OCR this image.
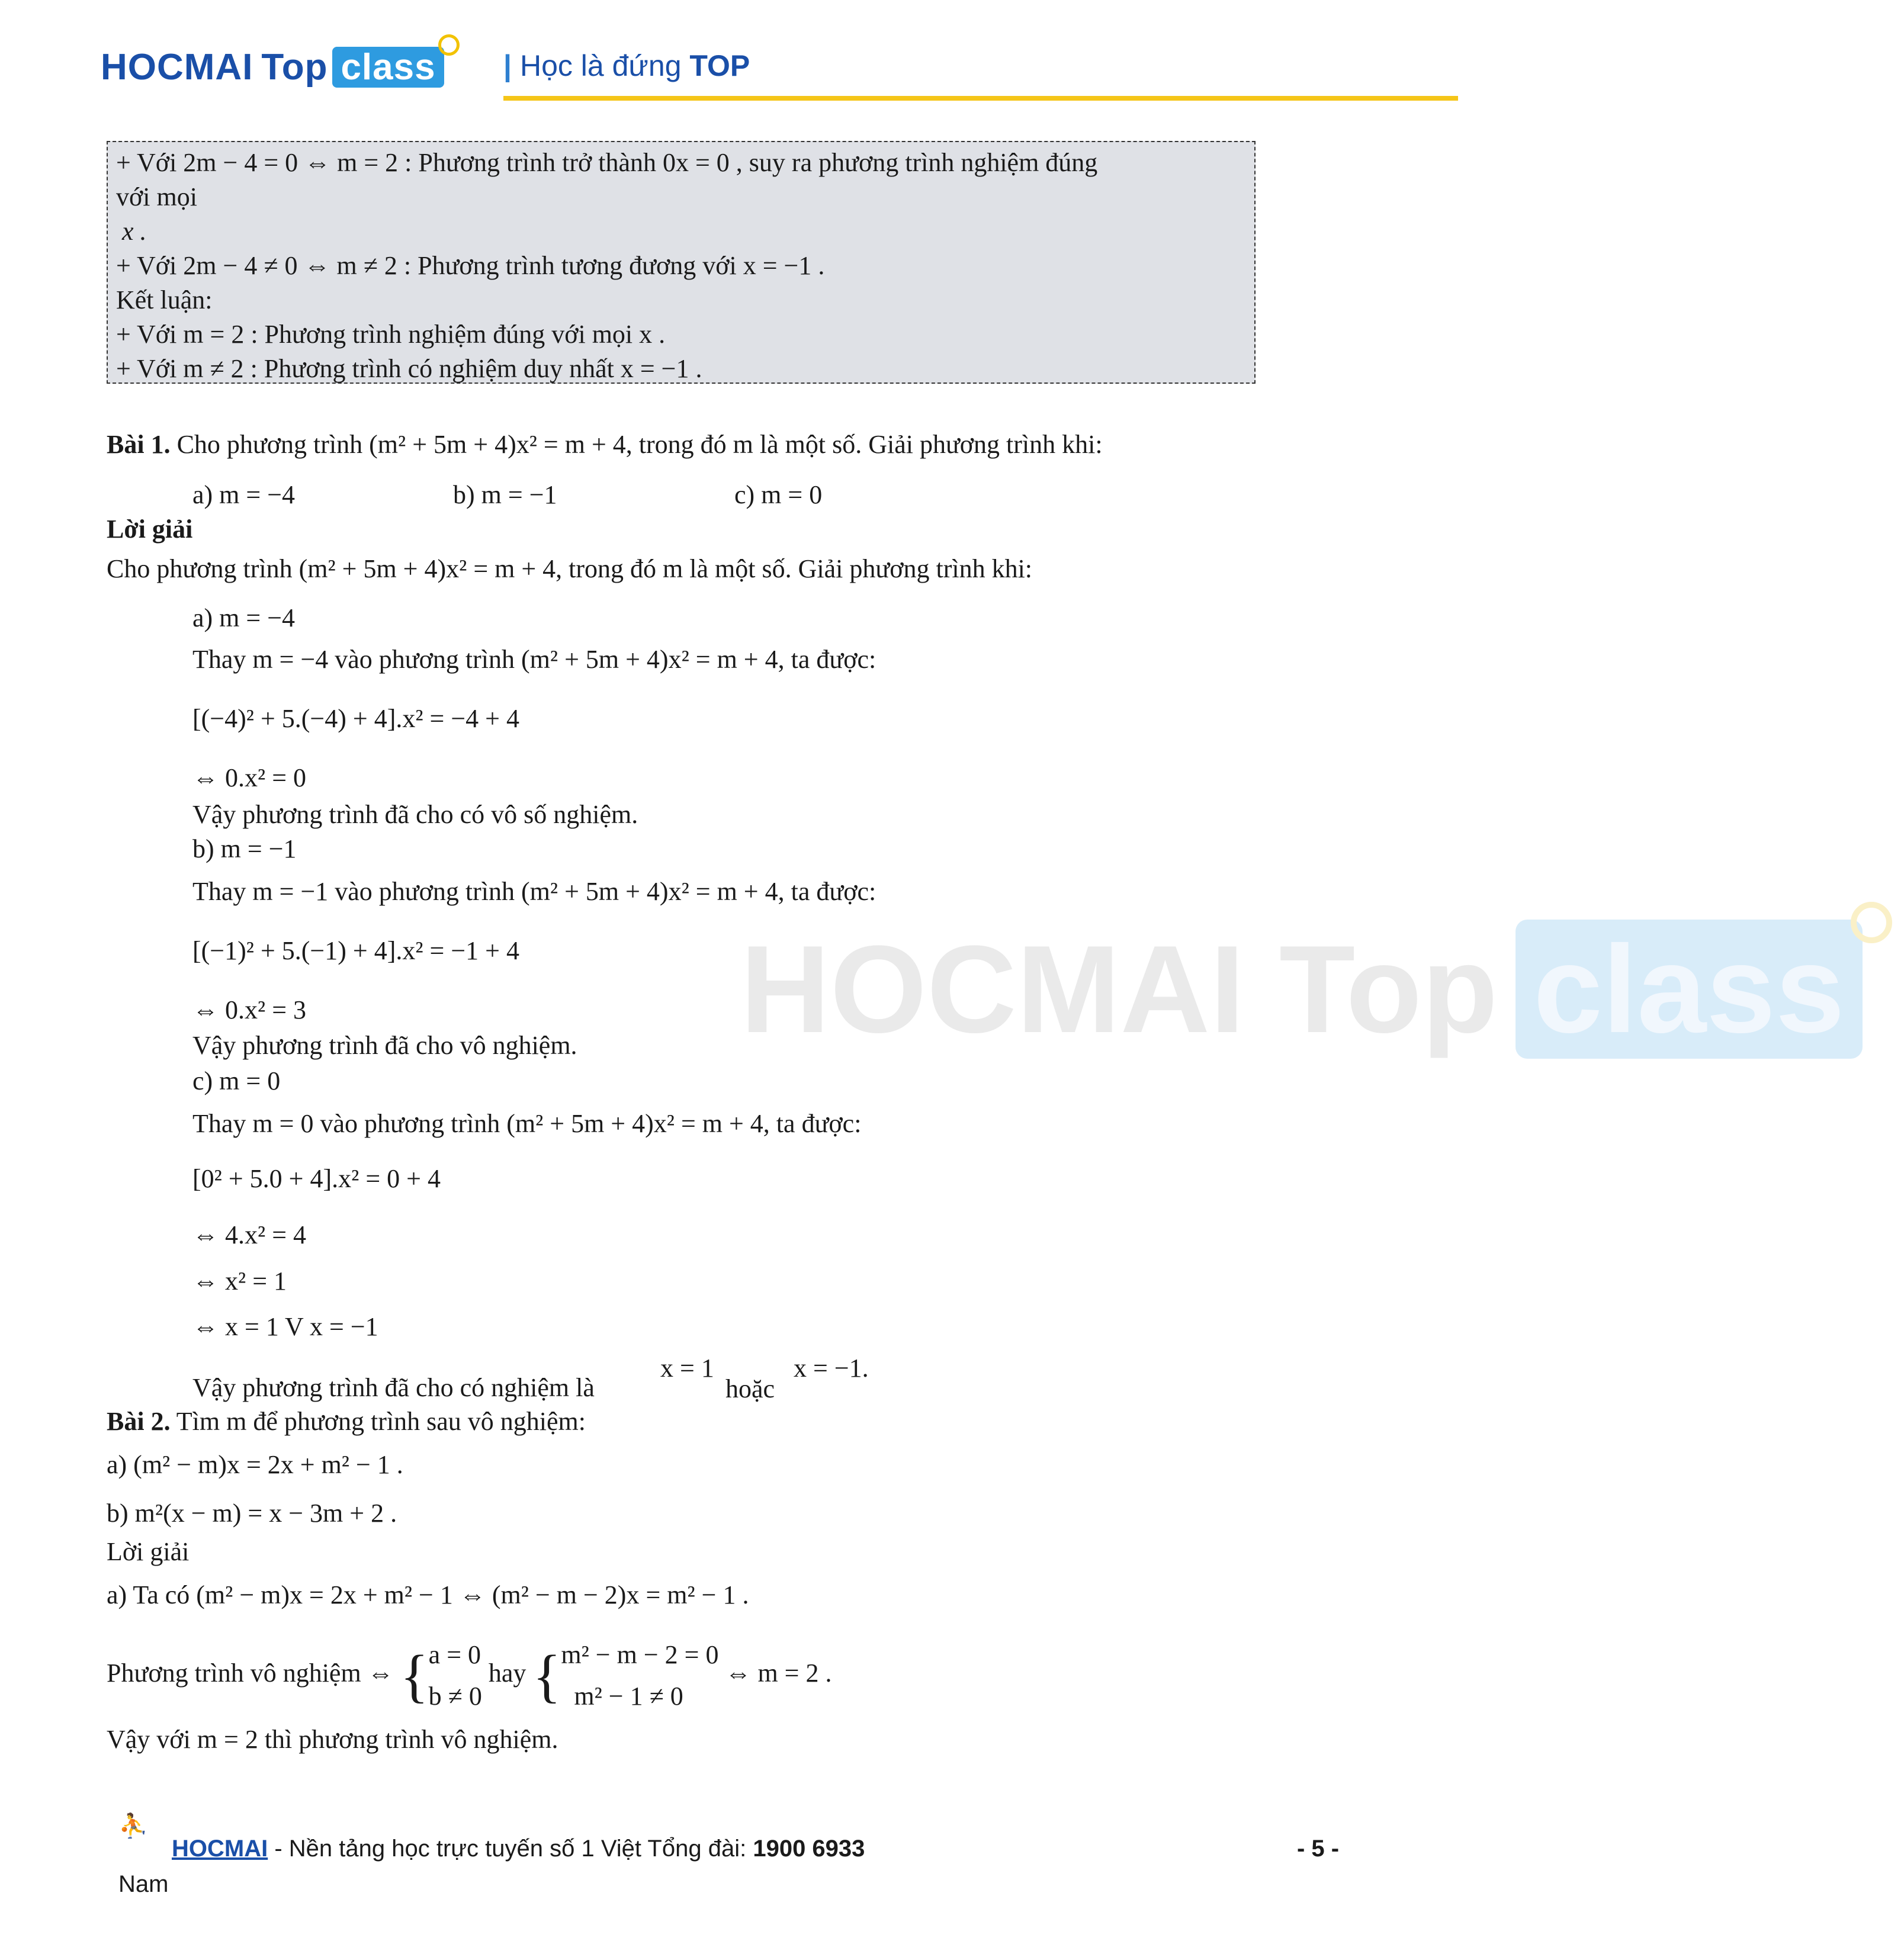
HOCMAI Top class	| Học là đứng TOP

+ Với 2m − 4 = 0 ⇔ m = 2 : Phương trình trở thành 0x = 0 , suy ra phương trình nghiệm đúng

với mọi

x .

+ Với 2m − 4 ≠ 0 ⇔ m ≠ 2 : Phương trình tương đương với x = −1 .

Kết luận:

+ Với m = 2 : Phương trình nghiệm đúng với mọi x .

+ Với m ≠ 2 : Phương trình có nghiệm duy nhất x = −1 .

HOCMAI Top class
Bài 1. Cho phương trình (m² + 5m + 4)x² = m + 4, trong đó m là một số. Giải phương trình khi:
a) m = −4	b) m = −1	c) m = 0
Lời giải
Cho phương trình (m² + 5m + 4)x² = m + 4, trong đó m là một số. Giải phương trình khi:
a) m = −4
Thay m = −4 vào phương trình (m² + 5m + 4)x² = m + 4, ta được:
[(−4)² + 5.(−4) + 4].x² = −4 + 4
⇔ 0.x² = 0
Vậy phương trình đã cho có vô số nghiệm.
b) m = −1
Thay m = −1 vào phương trình (m² + 5m + 4)x² = m + 4, ta được:
[(−1)² + 5.(−1) + 4].x² = −1 + 4
⇔ 0.x² = 3
Vậy phương trình đã cho vô nghiệm.
c) m = 0
Thay m = 0 vào phương trình (m² + 5m + 4)x² = m + 4, ta được:
[0² + 5.0 + 4].x² = 0 + 4
⇔ 4.x² = 4
⇔ x² = 1
⇔ x = 1 V x = −1
Vậy phương trình đã cho có nghiệm là
x = 1
hoặc
x = −1.
Bài 2. Tìm m để phương trình sau vô nghiệm:
a) (m² − m)x = 2x + m² − 1 .
b) m²(x − m) = x − 3m + 2 .
Lời giải
a) Ta có (m² − m)x = 2x + m² − 1 ⇔ (m² − m − 2)x = m² − 1 .
Phương trình vô nghiệm ⇔ {a = 0
b ≠ 0 hay {m² − m − 2 = 0
m² − 1 ≠ 0 ⇔ m = 2 .
Vậy với m = 2 thì phương trình vô nghiệm.
⛹
HOCMAI - Nền tảng học trực tuyến số 1 Việt Tổng đài: 1900 6933
Nam
- 5 -
